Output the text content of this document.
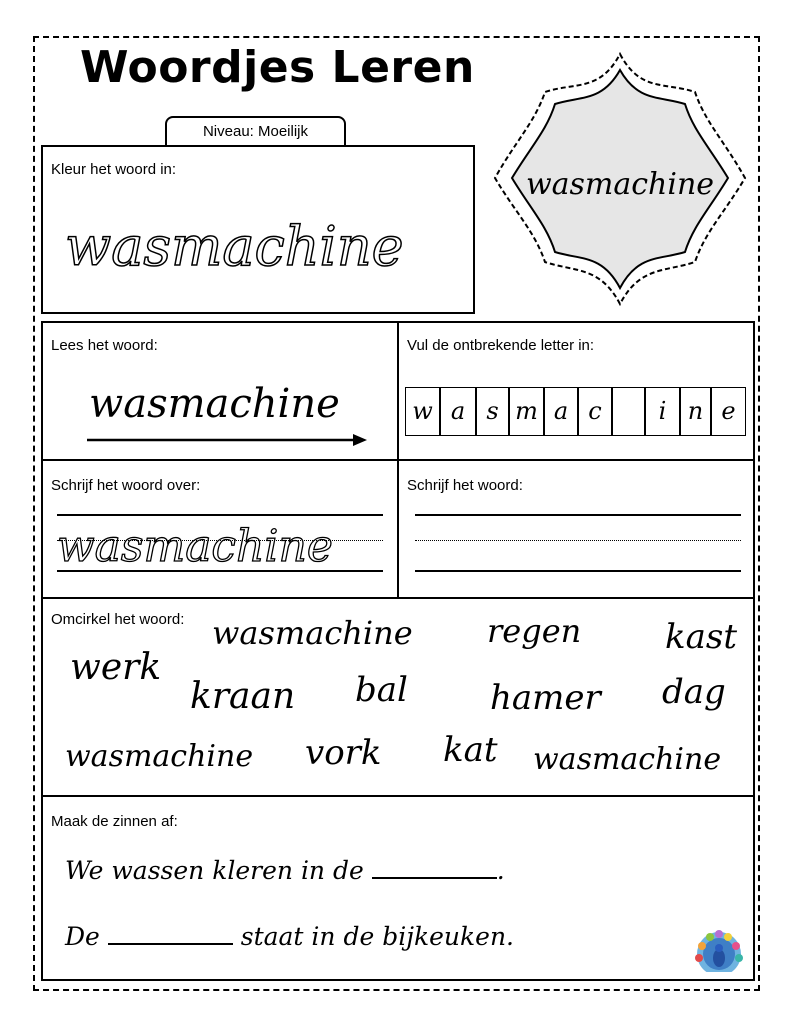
Woordjes Leren
Niveau: Moeilijk
wasmachine
Kleur het woord in:
wasmachine
Lees het woord:
wasmachine
Vul de ontbrekende letter in:
w a s m a c	i n e
Schrijf het woord over:
wasmachine
Schrijf het woord:
Omcirkel het woord: wasmachine regen kast
werk
kraan bal hamer dag
wasmachine vork kat wasmachine
Maak de zinnen af:
We wassen kleren in de	.
De	staat in de bijkeuken.
